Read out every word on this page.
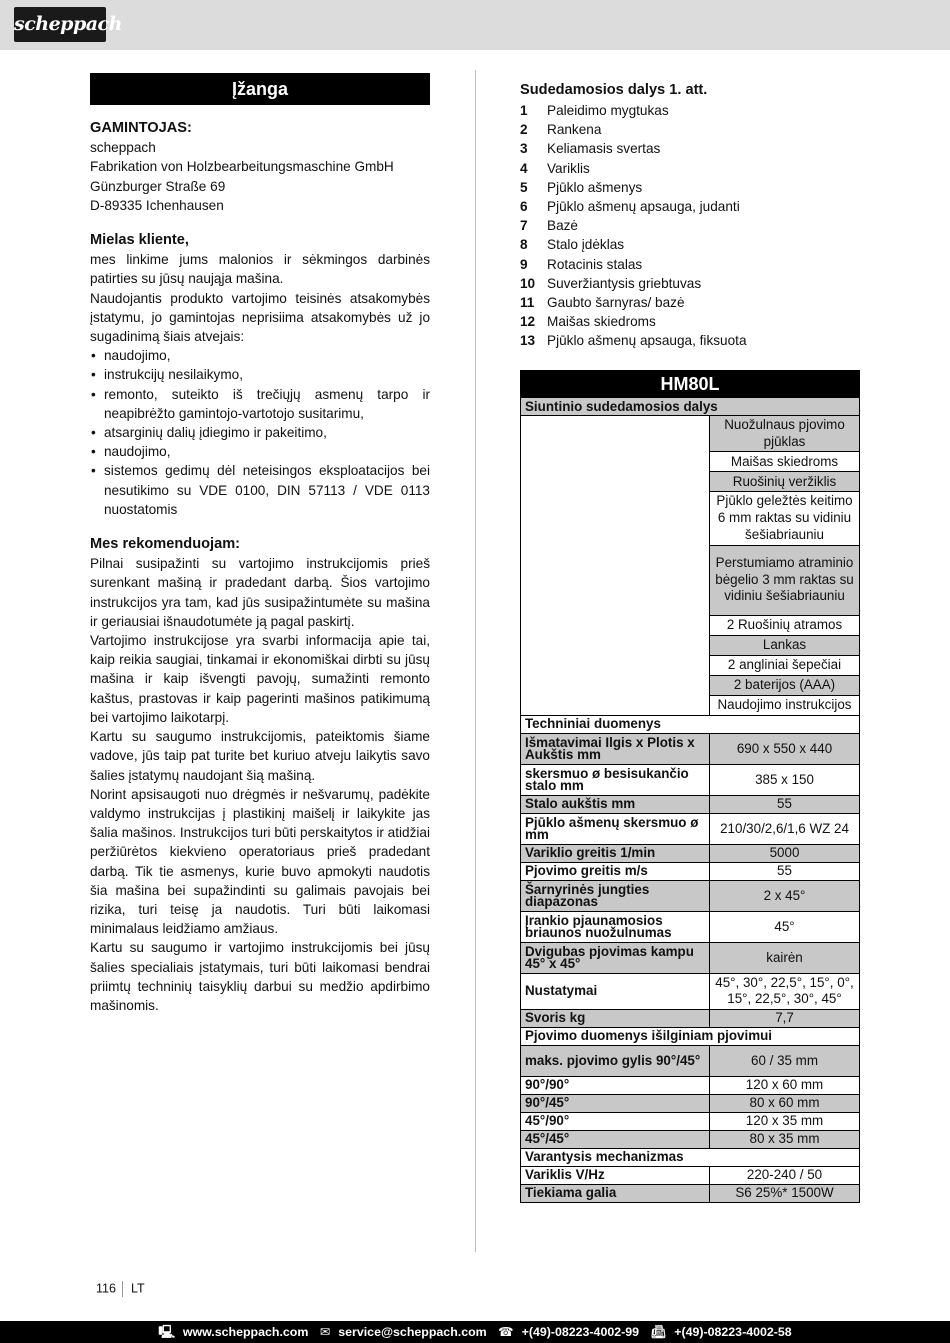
scheppach
Įžanga
GAMINTOJAS:
scheppach
Fabrikation von Holzbearbeitungsmaschine GmbH
Günzburger Straße 69
D-89335 Ichenhausen
Mielas kliente,
mes linkime jums malonios ir sėkmingos darbinės patirties su jūsų naująja mašina.
Naudojantis produkto vartojimo teisinės atsakomybės įstatymu, jo gamintojas neprisiima atsakomybės už jo sugadinimą šiais atvejais:
• naudojimo,
• instrukcijų nesilaikymo,
• remonto, suteikto iš trečiųjų asmenų tarpo ir neapibrėžto gamintojo-vartotojo susitarimu,
• atsarginių dalių įdiegimo ir pakeitimo,
• naudojimo,
• sistemos gedimų dėl neteisingos eksploatacijos bei nesutikimo su VDE 0100, DIN 57113 / VDE 0113 nuostatomis
Mes rekomenduojam:
Pilnai susipažinti su vartojimo instrukcijomis prieš surenkant mašiną ir pradedant darbą. Šios vartojimo instrukcijos yra tam, kad jūs susipažintumėte su mašina ir geriausiai išnaudotumėte ją pagal paskirtį.
Vartojimo instrukcijose yra svarbi informacija apie tai, kaip reikia saugiai, tinkamai ir ekonomiškai dirbti su jūsų mašina ir kaip išvengti pavojų, sumažinti remonto kaštus, prastovas ir kaip pagerinti mašinos patikimumą bei vartojimo laikotarpį.
Kartu su saugumo instrukcijomis, pateiktomis šiame vadove, jūs taip pat turite bet kuriuo atveju laikytis savo šalies įstatymų naudojant šią mašiną.
Norint apsisaugoti nuo drėgmės ir nešvarumų, padėkite valdymo instrukcijas į plastikinį maišelį ir laikykite jas šalia mašinos. Instrukcijos turi būti perskaitytos ir atidžiai peržiūrėtos kiekvieno operatoriaus prieš pradedant darbą. Tik tie asmenys, kurie buvo apmokyti naudotis šia mašina bei supažindinti su galimais pavojais bei rizika, turi teisę ja naudotis. Turi būti laikomasi minimalaus leidžiamo amžiaus.
Kartu su saugumo ir vartojimo instrukcijomis bei jūsų šalies specialiais įstatymais, turi būti laikomasi bendrai priimtų techninių taisyklių darbui su medžio apdirbimo mašinomis.
Sudedamosios dalys 1. att.
1 Paleidimo mygtukas
2 Rankena
3 Keliamasis svertas
4 Variklis
5 Pjūklo ašmenys
6 Pjūklo ašmenų apsauga, judanti
7 Bazė
8 Stalo įdėklas
9 Rotacinis stalas
10 Suveržiantysis griebtuvas
11 Gaubto šarnyras/ bazė
12 Maišas skiedroms
13 Pjūklo ašmenų apsauga, fiksuota
HM80L	
Siuntinio sudedamosios dalys	
	Nuožulnaus pjovimo pjūklas
	Maišas skiedroms
	Ruošinių veržiklis
	Pjūklo geležtės keitimo 6 mm raktas su vidiniu šešiabriauniu
	Perstumiamo atraminio bėgelio 3 mm raktas su vidiniu šešiabriauniu
	2 Ruošinių atramos
	Lankas
	2 angliniai šepečiai
	2 baterijos (AAA)
	Naudojimo instrukcijos
Techniniai duomenys	
Išmatavimai Ilgis x Plotis x Aukštis mm	690 x 550 x 440
skersmuo ø besisukančio stalo mm	385 x 150
Stalo aukštis mm	55
Pjūklo ašmenų skersmuo ø mm	210/30/2,6/1,6 WZ 24
Variklio greitis 1/min	5000
Pjovimo greitis m/s	55
Šarnyrinės jungties diapazonas	2 x 45°
Įrankio pjaunamosios briaunos nuožulnumas	45°
Dvigubas pjovimas kampu 45° x 45°	kairėn
Nustatymai	45°, 30°, 22,5°, 15°, 0°, 15°, 22,5°, 30°, 45°
Svoris kg	7,7
Pjovimo duomenys išilginiam pjovimui	
maks. pjovimo gylis 90°/45°	60 / 35 mm
90°/90°	120 x 60 mm
90°/45°	80 x 60 mm
45°/90°	120 x 35 mm
45°/45°	80 x 35 mm
Varantysis mechanizmas	
Variklis V/Hz	220-240 / 50
Tiekiama galia	S6 25%* 1500W
116 LT
🖳︎ www.scheppach.com ✉︎ service@scheppach.com ☎︎ +(49)-08223-4002-99 📠︎ +(49)-08223-4002-58
